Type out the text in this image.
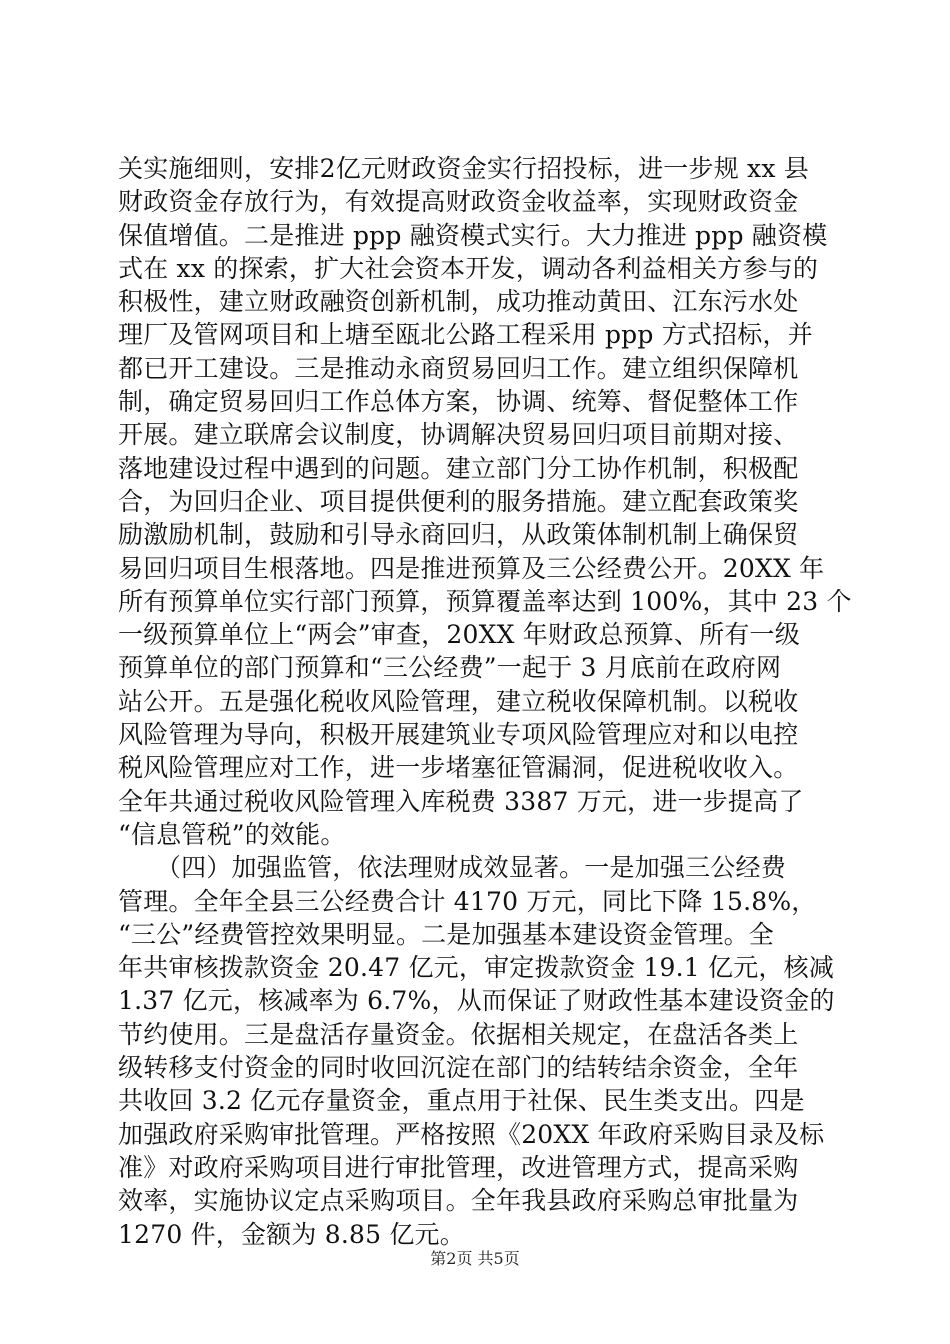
关实施细则，安排2亿元财政资金实行招投标，进一步规 xx 县
财政资金存放行为，有效提高财政资金收益率，实现财政资金
保值增值。二是推进 ppp 融资模式实行。大力推进 ppp 融资模
式在 xx 的探索，扩大社会资本开发，调动各利益相关方参与的
积极性，建立财政融资创新机制，成功推动黄田、江东污水处
理厂及管网项目和上塘至瓯北公路工程采用 ppp 方式招标，并
都已开工建设。三是推动永商贸易回归工作。建立组织保障机
制，确定贸易回归工作总体方案，协调、统筹、督促整体工作
开展。建立联席会议制度，协调解决贸易回归项目前期对接、
落地建设过程中遇到的问题。建立部门分工协作机制，积极配
合，为回归企业、项目提供便利的服务措施。建立配套政策奖
励激励机制，鼓励和引导永商回归，从政策体制机制上确保贸
易回归项目生根落地。四是推进预算及三公经费公开。20XX 年
所有预算单位实行部门预算，预算覆盖率达到 100%，其中 23 个
一级预算单位上“两会”审查，20XX 年财政总预算、所有一级
预算单位的部门预算和“三公经费”一起于 3 月底前在政府网
站公开。五是强化税收风险管理，建立税收保障机制。以税收
风险管理为导向，积极开展建筑业专项风险管理应对和以电控
税风险管理应对工作，进一步堵塞征管漏洞，促进税收收入。
全年共通过税收风险管理入库税费 3387 万元，进一步提高了
“信息管税”的效能。
　　（四）加强监管，依法理财成效显著。一是加强三公经费
管理。全年全县三公经费合计 4170 万元，同比下降 15.8%，
“三公”经费管控效果明显。二是加强基本建设资金管理。全
年共审核拨款资金 20.47 亿元，审定拨款资金 19.1 亿元，核减
1.37 亿元，核减率为 6.7%，从而保证了财政性基本建设资金的
节约使用。三是盘活存量资金。依据相关规定，在盘活各类上
级转移支付资金的同时收回沉淀在部门的结转结余资金，全年
共收回 3.2 亿元存量资金，重点用于社保、民生类支出。四是
加强政府采购审批管理。严格按照《20XX 年政府采购目录及标
准》对政府采购项目进行审批管理，改进管理方式，提高采购
效率，实施协议定点采购项目。全年我县政府采购总审批量为
1270 件，金额为 8.85 亿元。
第2页 共5页
